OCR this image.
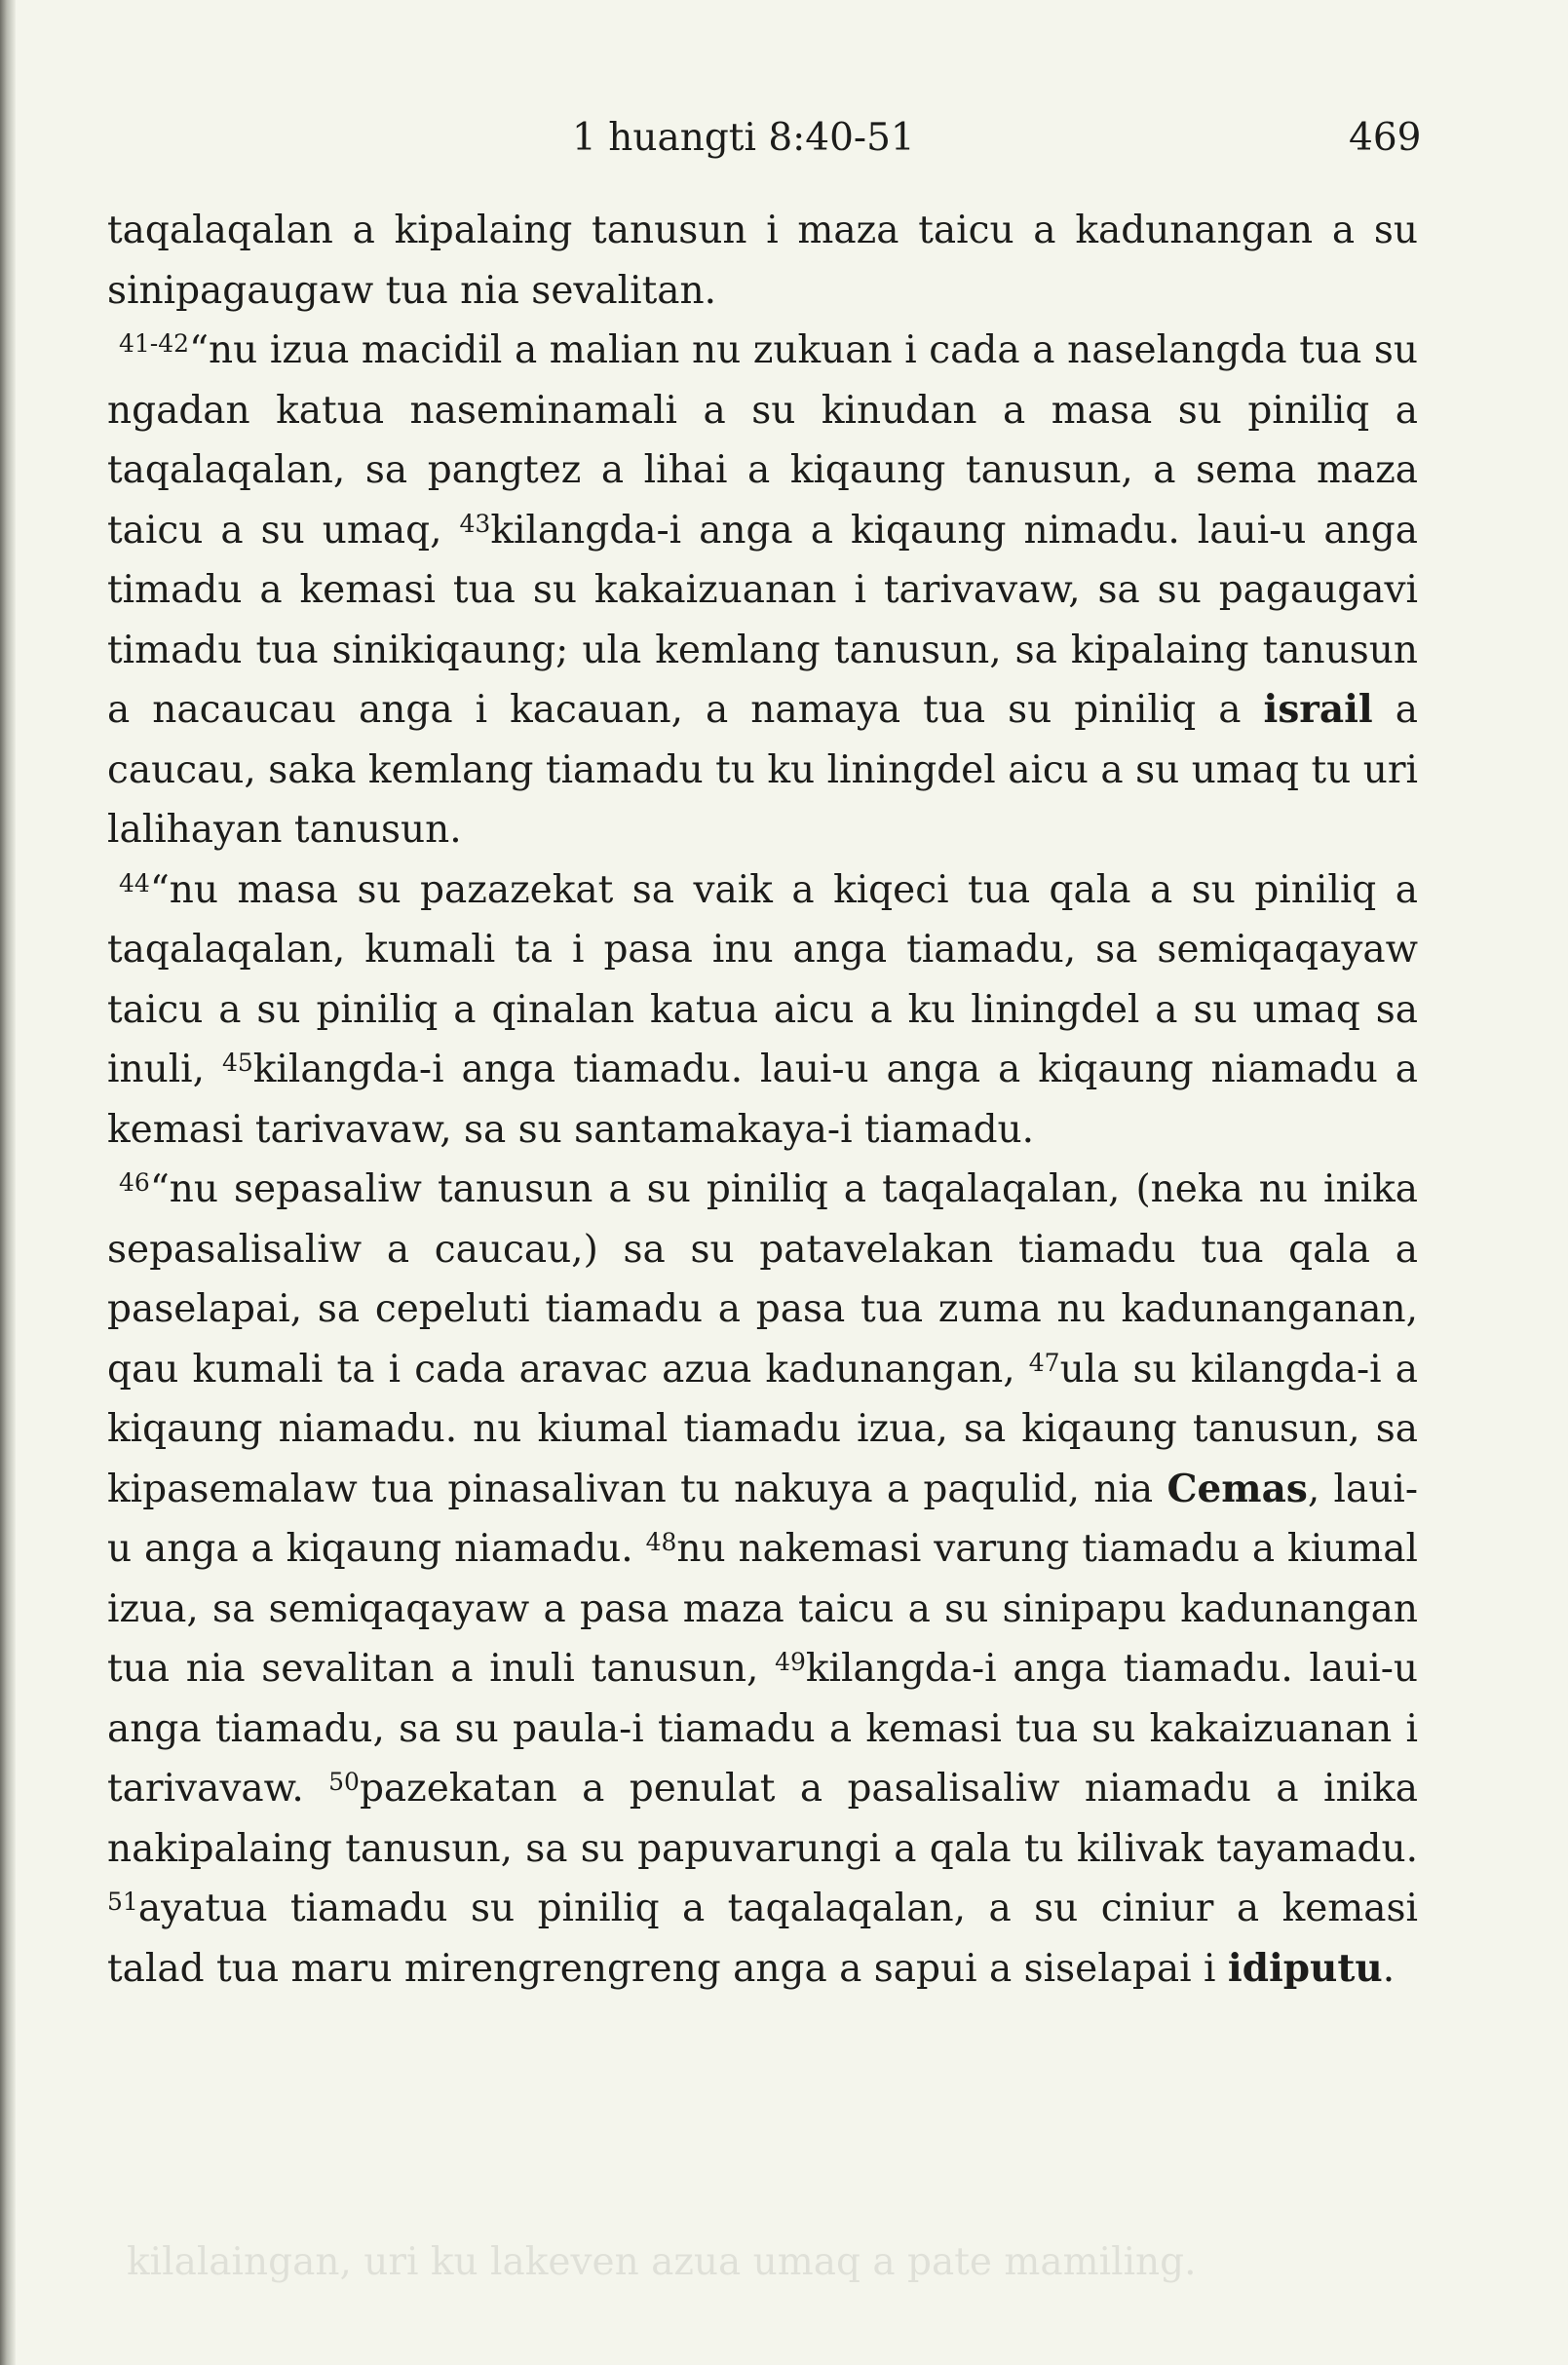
1 huangti 8:40-51	469

taqalaqalan a kipalaing tanusun i maza taicu a kadunangan a su sinipagaugaw tua nia sevalitan.

$^{41-42}$“nu izua macidil a malian nu zukuan i cada a naselangda tua su ngadan katua naseminamali a su kinudan a masa su piniliq a taqalaqalan, sa pangtez a lihai a kiqaung tanusun, a sema maza taicu a su umaq, $^{43}$kilangda-i anga a kiqaung nimadu. laui-u anga timadu a kemasi tua su kakaizuanan i tarivavaw, sa su pagaugavi timadu tua sinikiqaung; ula kemlang tanusun, sa kipalaing tanusun a nacaucau anga i kacauan, a namaya tua su piniliq a israil a caucau, saka kemlang tiamadu tu ku liningdel aicu a su umaq tu uri lalihayan tanusun.

$^{44}$“nu masa su pazazekat sa vaik a kiqeci tua qala a su piniliq a taqalaqalan, kumali ta i pasa inu anga tiamadu, sa semiqaqayaw taicu a su piniliq a qinalan katua aicu a ku liningdel a su umaq sa inuli, $^{45}$kilangda-i anga tiamadu. laui-u anga a kiqaung niamadu a kemasi tarivavaw, sa su santamakaya-i tiamadu.

$^{46}$“nu sepasaliw tanusun a su piniliq a taqalaqalan, (neka nu inika sepasalisaliw a caucau,) sa su patavelakan tiamadu tua qala a paselapai, sa cepeluti tiamadu a pasa tua zuma nu kadunanganan, qau kumali ta i cada aravac azua kadunangan, $^{47}$ula su kilangda-i a kiqaung niamadu. nu kiumal tiamadu izua, sa kiqaung tanusun, sa kipasemalaw tua pinasalivan tu nakuya a paqulid, nia Cemas, laui-u anga a kiqaung niamadu. $^{48}$nu nakemasi varung tiamadu a kiumal izua, sa semiqaqayaw a pasa maza taicu a su sinipapu kadunangan tua nia sevalitan a inuli tanusun, $^{49}$kilangda-i anga tiamadu. laui-u anga tiamadu, sa su paula-i tiamadu a kemasi tua su kakaizuanan i tarivavaw. $^{50}$pazekatan a penulat a pasalisaliw niamadu a inika nakipalaing tanusun, sa su papuvarungi a qala tu kilivak tayamadu. $^{51}$ayatua tiamadu su piniliq a taqalaqalan, a su ciniur a kemasi talad tua maru mirengrengreng anga a sapui a siselapai i idiputu.

kilalaingan, uri ku lakeven azua umaq a pate mamiling.
